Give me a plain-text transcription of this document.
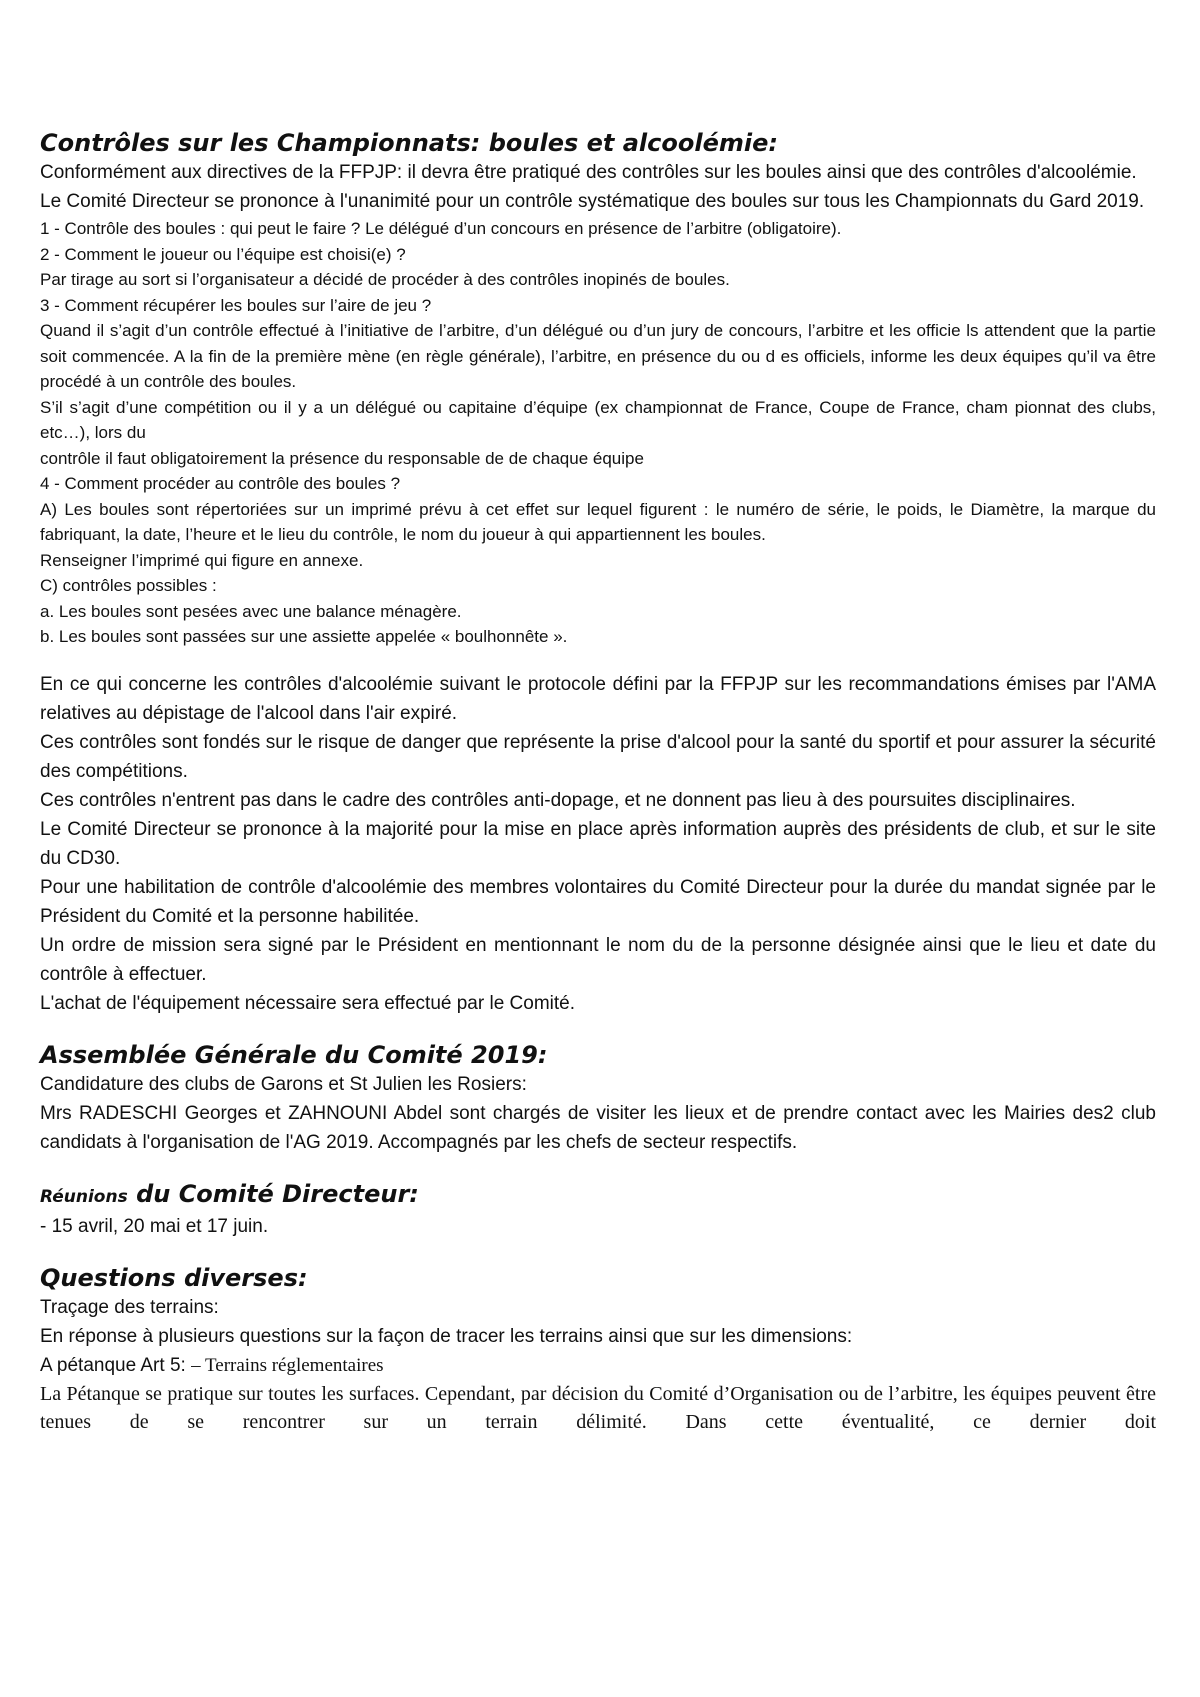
Contrôles sur les Championnats: boules et alcoolémie:

Conformément aux directives de la FFPJP: il devra être pratiqué des contrôles sur les boules ainsi que des contrôles d'alcoolémie.

Le Comité Directeur se prononce à l'unanimité pour un contrôle systématique des boules sur tous les Championnats du Gard 2019.

1 - Contrôle des boules : qui peut le faire ? Le délégué d’un concours en présence de l’arbitre (obligatoire).

2 - Comment le joueur ou l’équipe est choisi(e) ?

Par tirage au sort si l’organisateur a décidé de procéder à des contrôles inopinés de boules.

3 - Comment récupérer les boules sur l’aire de jeu ?

Quand il s’agit d’un contrôle effectué à l’initiative de l’arbitre, d’un délégué ou d’un jury de concours, l’arbitre et les officie ls attendent que la partie soit commencée. A la fin de la première mène (en règle générale), l’arbitre, en présence du ou d es officiels, informe les deux équipes qu’il va être procédé à un contrôle des boules.

S’il s’agit d’une compétition ou il y a un délégué ou capitaine d’équipe (ex championnat de France, Coupe de France, cham pionnat des clubs, etc…), lors du

contrôle il faut obligatoirement la présence du responsable de de chaque équipe

4 - Comment procéder au contrôle des boules ?

A) Les boules sont répertoriées sur un imprimé prévu à cet effet sur lequel figurent : le numéro de série, le poids, le Diamètre, la marque du fabriquant, la date, l’heure et le lieu du contrôle, le nom du joueur à qui appartiennent les boules.

Renseigner l’imprimé qui figure en annexe.

C) contrôles possibles :

a. Les boules sont pesées avec une balance ménagère.

b. Les boules sont passées sur une assiette appelée « boulhonnête ».

En ce qui concerne les contrôles d'alcoolémie suivant le protocole défini par la FFPJP sur les recommandations émises par l'AMA relatives au dépistage de l'alcool dans l'air expiré.

Ces contrôles sont fondés sur le risque de danger que représente la prise d'alcool pour la santé du sportif et pour assurer la sécurité des compétitions.

Ces contrôles n'entrent pas dans le cadre des contrôles anti-dopage, et ne donnent pas lieu à des poursuites disciplinaires.

Le Comité Directeur se prononce à la majorité pour la mise en place après information auprès des présidents de club, et sur le site du CD30.

Pour une habilitation de contrôle d'alcoolémie des membres volontaires du Comité Directeur pour la durée du mandat signée par le Président du Comité et la personne habilitée.

Un ordre de mission sera signé par le Président en mentionnant le nom du de la personne désignée ainsi que le lieu et date du contrôle à effectuer.

L'achat de l'équipement nécessaire sera effectué par le Comité.

Assemblée Générale du Comité 2019:

Candidature des clubs de Garons et St Julien les Rosiers:

Mrs RADESCHI Georges et ZAHNOUNI Abdel sont chargés de visiter les lieux et de prendre contact avec les Mairies des2 club candidats à l'organisation de l'AG 2019. Accompagnés par les chefs de secteur respectifs.

Réunions du Comité Directeur:

- 15 avril, 20 mai et 17 juin.

Questions diverses:

Traçage des terrains:

En réponse à plusieurs questions sur la façon de tracer les terrains ainsi que sur les dimensions:

A pétanque Art 5: – Terrains réglementaires

La Pétanque se pratique sur toutes les surfaces. Cependant, par décision du Comité d’Organisation ou de l’arbitre, les équipes peuvent être tenues de se rencontrer sur un terrain délimité. Dans cette éventualité, ce dernier doit
